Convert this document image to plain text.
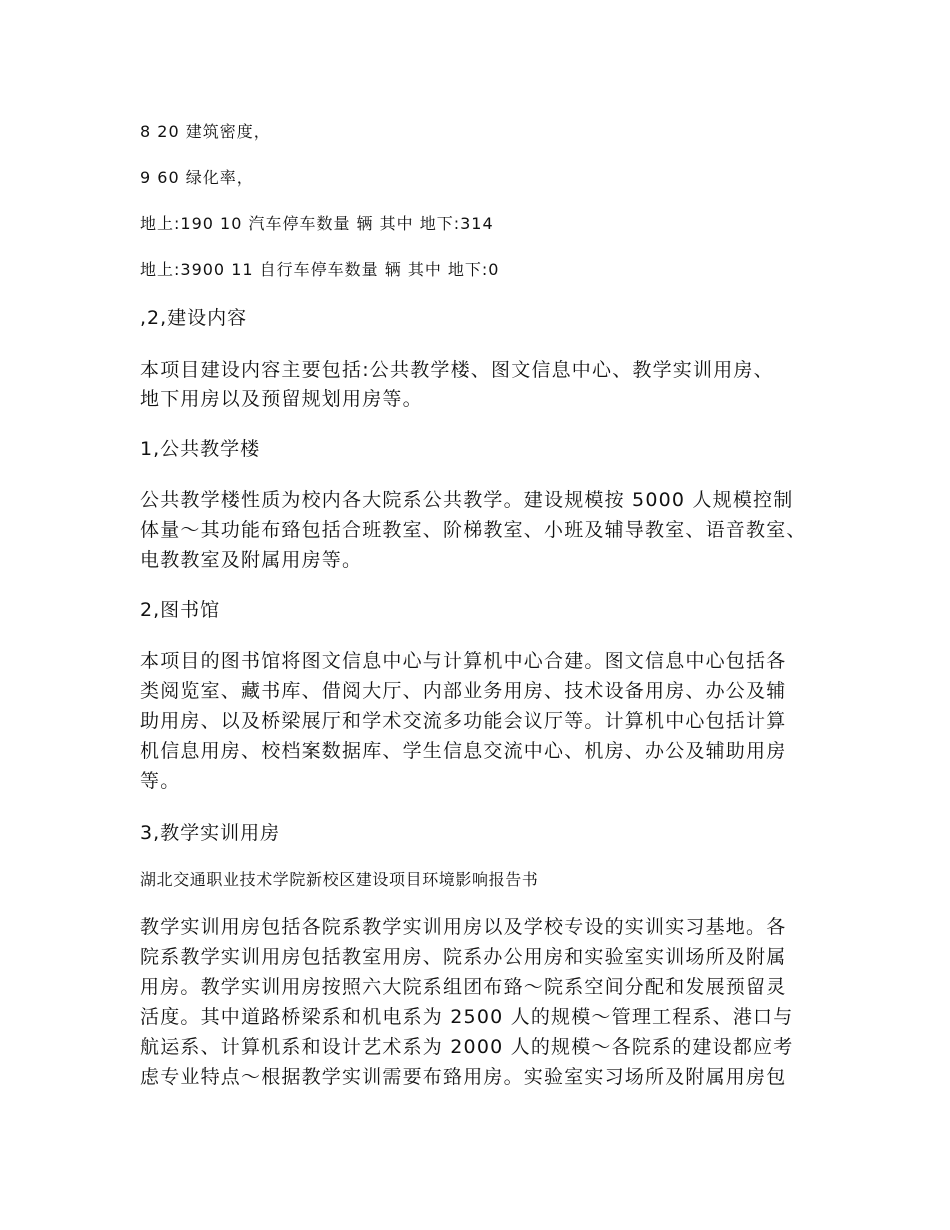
8 20 建筑密度，

9 60 绿化率，

地上:190 10 汽车停车数量 辆 其中 地下:314

地上:3900 11 自行车停车数量 辆 其中 地下:0

,2,建设内容

本项目建设内容主要包括:公共教学楼、图文信息中心、教学实训用房、

地下用房以及预留规划用房等。

1,公共教学楼

公共教学楼性质为校内各大院系公共教学。建设规模按 5000 人规模控制

体量～其功能布臵包括合班教室、阶梯教室、小班及辅导教室、语音教室、

电教教室及附属用房等。

2,图书馆

本项目的图书馆将图文信息中心与计算机中心合建。图文信息中心包括各

类阅览室、藏书库、借阅大厅、内部业务用房、技术设备用房、办公及辅

助用房、以及桥梁展厅和学术交流多功能会议厅等。计算机中心包括计算

机信息用房、校档案数据库、学生信息交流中心、机房、办公及辅助用房

等。

3,教学实训用房

湖北交通职业技术学院新校区建设项目环境影响报告书

教学实训用房包括各院系教学实训用房以及学校专设的实训实习基地。各

院系教学实训用房包括教室用房、院系办公用房和实验室实训场所及附属

用房。教学实训用房按照六大院系组团布臵～院系空间分配和发展预留灵

活度。其中道路桥梁系和机电系为 2500 人的规模～管理工程系、港口与

航运系、计算机系和设计艺术系为 2000 人的规模～各院系的建设都应考

虑专业特点～根据教学实训需要布臵用房。实验室实习场所及附属用房包
